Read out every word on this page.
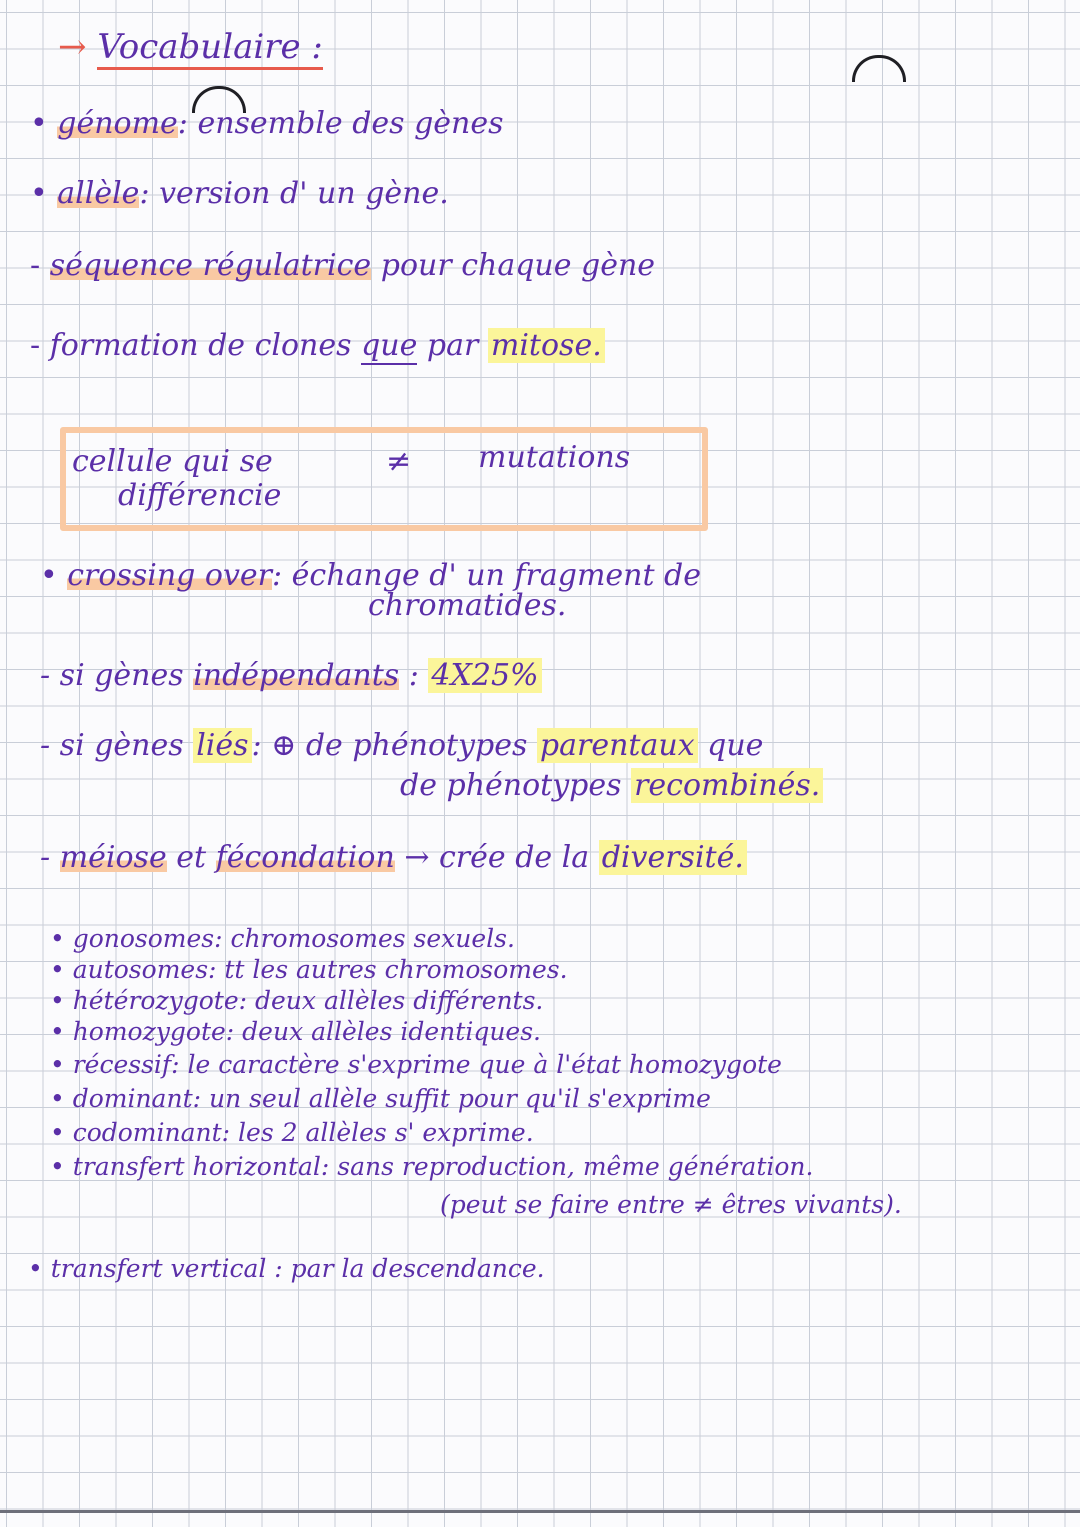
→ Vocabulaire :
• génome: ensemble des gènes
• allèle: version d' un gène.
- séquence régulatrice pour chaque gène
- formation de clones que par mitose.
cellule qui se
différencie
≠ mutations
• crossing over: échange d' un fragment de
chromatides.
- si gènes indépendants : 4X25%
- si gènes liés : ⊕ de phénotypes parentaux que
de phénotypes recombinés.
- méiose et fécondation → crée de la diversité.
• gonosomes: chromosomes sexuels.
• autosomes: tt les autres chromosomes.
• hétérozygote: deux allèles différents.
• homozygote: deux allèles identiques.
• récessif: le caractère s'exprime que à l'état homozygote
• dominant: un seul allèle suffit pour qu'il s'exprime
• codominant: les 2 allèles s' exprime.
• transfert horizontal: sans reproduction, même génération.
(peut se faire entre ≠ êtres vivants).
• transfert vertical : par la descendance.
